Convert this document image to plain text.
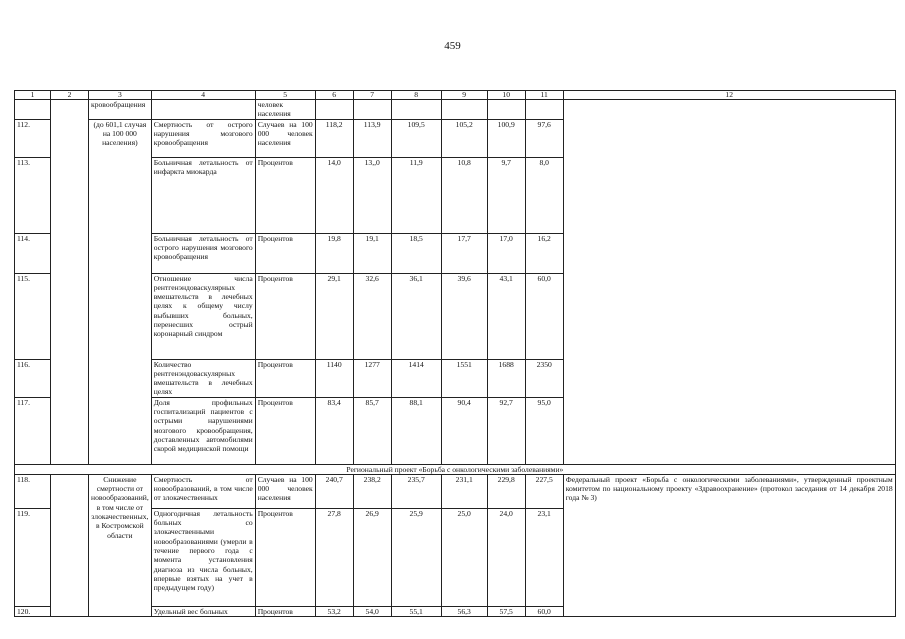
459
1	2	3	4	5	6	7	8	9	10	11	12
		кровообращения		человек населения							
112.		(до 601,1 случая на 100 000 населения)	Смертность от острого нарушения мозгового кровообращения	Случаев на 100 000 человек населения	118,2	113,9	109,5	105,2	100,9	97,6	
113.			Больничная летальность от инфаркта миокарда	Процентов	14,0	13,,0	11,9	10,8	9,7	8,0	
114.			Больничная летальность от острого нарушения мозгового кровообращения	Процентов	19,8	19,1	18,5	17,7	17,0	16,2	
115.			Отношение числа рентгенэндоваскулярных вмешательств в лечебных целях к общему числу выбывших больных, перенесших острый коронарный синдром	Процентов	29,1	32,6	36,1	39,6	43,1	60,0	
116.			Количество рентгенэндоваскулярных вмешательств в лечебных целях	Процентов	1140	1277	1414	1551	1688	2350	
117.			Доля профильных госпитализаций пациентов с острыми нарушениями мозгового кровообращения, доставленных автомобилями скорой медицинской помощи	Процентов	83,4	85,7	88,1	90,4	92,7	95,0	
Региональный проект «Борьба с онкологическими заболеваниями»											
118.		Снижение смертности от новообразований, в том числе от злокачественных, в Костромской области	Смертность от новообразований, в том числе от злокачественных	Случаев на 100 000 человек населения	240,7	238,2	235,7	231,1	229,8	227,5	Федеральный проект «Борьба с онкологическими заболеваниями», утвержденный проектным комитетом по национальному проекту «Здравоохранение» (протокол заседания от 14 декабря 2018 года № 3)
119.			Одногодичная летальность больных со злокачественными новообразованиями (умерли в течение первого года с момента установления диагноза из числа больных, впервые взятых на учет в предыдущем году)	Процентов	27,8	26,9	25,9	25,0	24,0	23,1	
120.			Удельный вес больных	Процентов	53,2	54,0	55,1	56,3	57,5	60,0	
